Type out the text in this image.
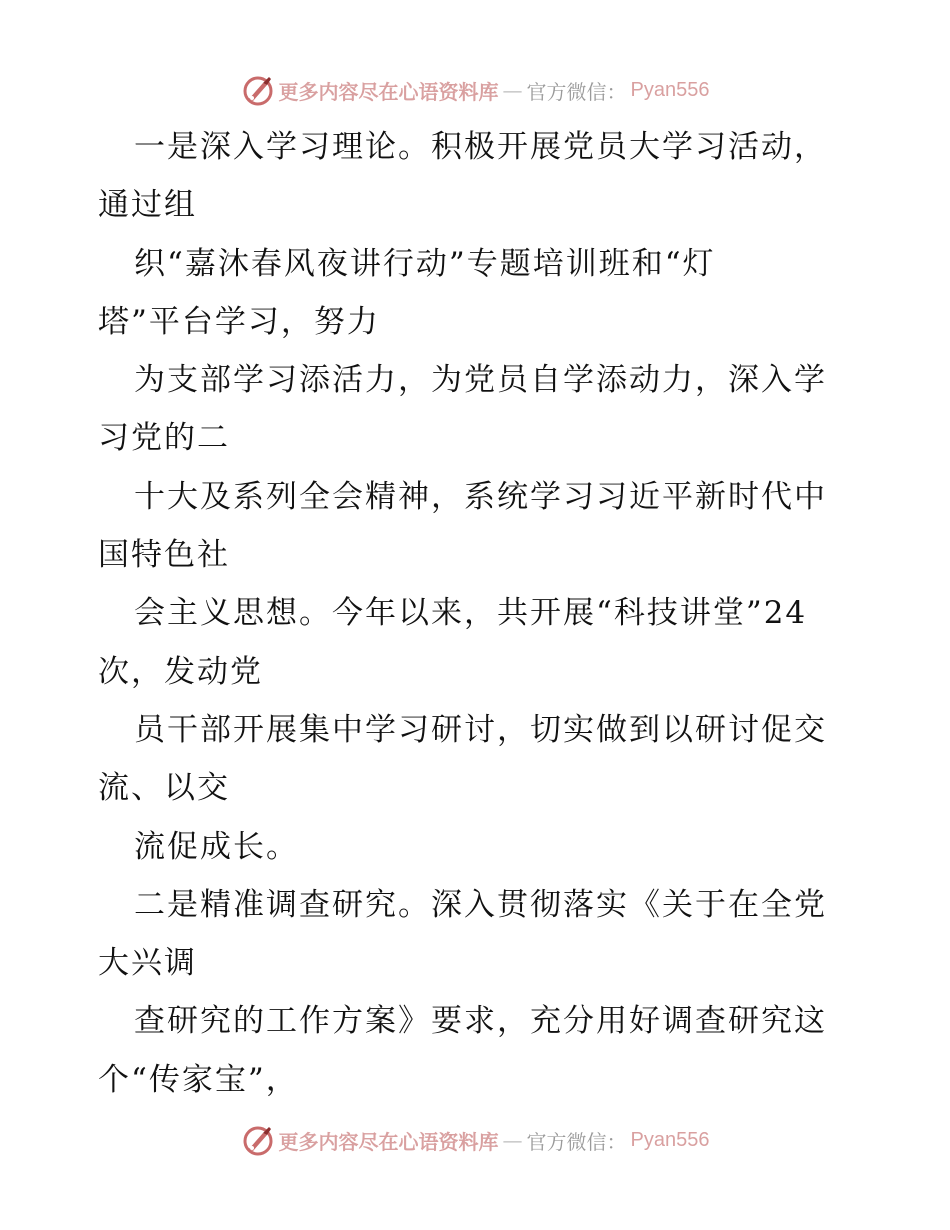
更多内容尽在心语资料库 — 官方微信： Pyan556
一是深入学习理论。积极开展党员大学习活动，
通过组
织“嘉沐春风夜讲行动”专题培训班和“灯
塔”平台学习，努力
为支部学习添活力，为党员自学添动力，深入学
习党的二
十大及系列全会精神，系统学习习近平新时代中
国特色社
会主义思想。今年以来，共开展“科技讲堂”24
次，发动党
员干部开展集中学习研讨，切实做到以研讨促交
流、以交
流促成长。
二是精准调查研究。深入贯彻落实《关于在全党
大兴调
查研究的工作方案》要求，充分用好调查研究这
个“传家宝”，
更多内容尽在心语资料库 — 官方微信： Pyan556
